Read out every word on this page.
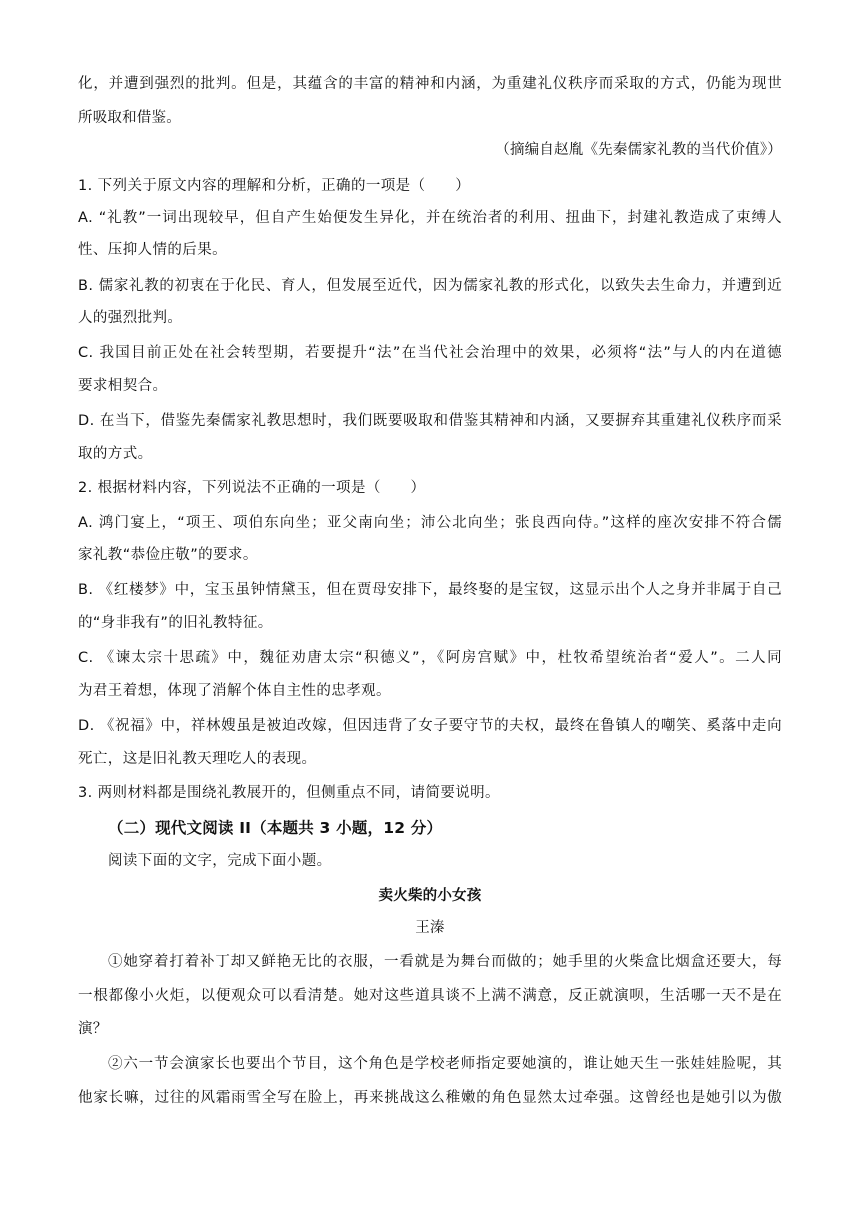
化，并遭到强烈的批判。但是，其蕴含的丰富的精神和内涵，为重建礼仪秩序而采取的方式，仍能为现世
所吸取和借鉴。
（摘编自赵胤《先秦儒家礼教的当代价值》）
1. 下列关于原文内容的理解和分析，正确的一项是（　　）
A. “礼教”一词出现较早，但自产生始便发生异化，并在统治者的利用、扭曲下，封建礼教造成了束缚人
性、压抑人情的后果。
B. 儒家礼教的初衷在于化民、育人，但发展至近代，因为儒家礼教的形式化，以致失去生命力，并遭到近
人的强烈批判。
C. 我国目前正处在社会转型期，若要提升“法”在当代社会治理中的效果，必须将“法”与人的内在道德
要求相契合。
D. 在当下，借鉴先秦儒家礼教思想时，我们既要吸取和借鉴其精神和内涵，又要摒弃其重建礼仪秩序而采
取的方式。
2. 根据材料内容，下列说法不正确的一项是（　　）
A. 鸿门宴上，“项王、项伯东向坐；亚父南向坐；沛公北向坐；张良西向侍。”这样的座次安排不符合儒
家礼教“恭俭庄敬”的要求。
B. 《红楼梦》中，宝玉虽钟情黛玉，但在贾母安排下，最终娶的是宝钗，这显示出个人之身并非属于自己
的“身非我有”的旧礼教特征。
C. 《谏太宗十思疏》中，魏征劝唐太宗“积德义”，《阿房宫赋》中，杜牧希望统治者“爱人”。二人同
为君王着想，体现了消解个体自主性的忠孝观。
D. 《祝福》中，祥林嫂虽是被迫改嫁，但因违背了女子要守节的夫权，最终在鲁镇人的嘲笑、奚落中走向
死亡，这是旧礼教天理吃人的表现。
3. 两则材料都是围绕礼教展开的，但侧重点不同，请简要说明。
（二）现代文阅读 II（本题共 3 小题，12 分）
阅读下面的文字，完成下面小题。
卖火柴的小女孩
王溱
①她穿着打着补丁却又鲜艳无比的衣服，一看就是为舞台而做的；她手里的火柴盒比烟盒还要大，每
一根都像小火炬，以便观众可以看清楚。她对这些道具谈不上满不满意，反正就演呗，生活哪一天不是在
演？
②六一节会演家长也要出个节目，这个角色是学校老师指定要她演的，谁让她天生一张娃娃脸呢，其
他家长嘛，过往的风霜雨雪全写在脸上，再来挑战这么稚嫩的角色显然太过牵强。这曾经也是她引以为傲
